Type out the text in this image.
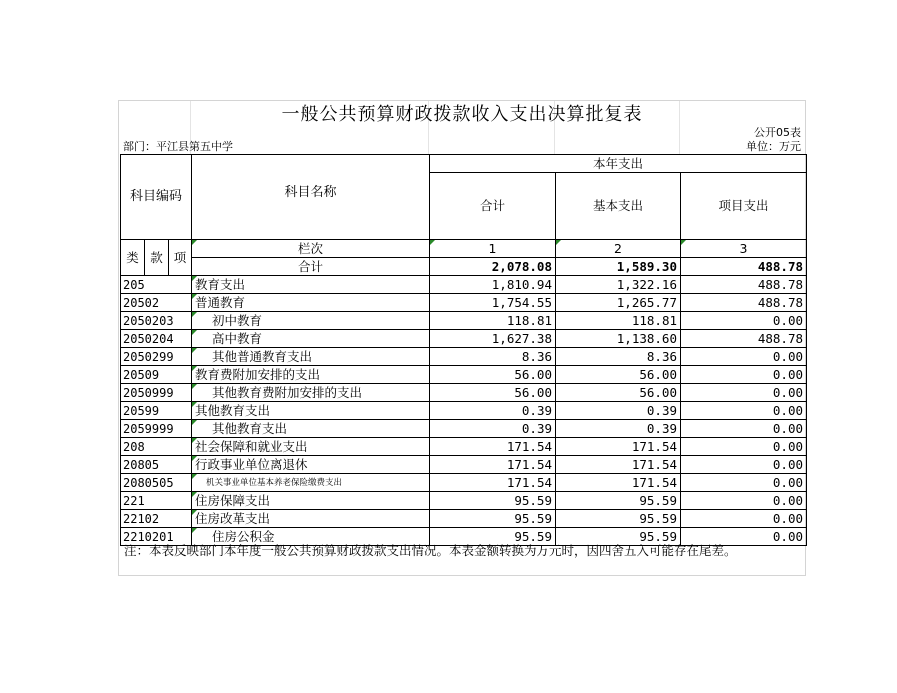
一般公共预算财政拨款收入支出决算批复表
公开05表
部门：平江县第五中学	单位：万元
科目编码			科目名称	本年支出		
				合计	基本支出	项目支出
类	款	项	栏次	1	2	3
			合计	2,078.08	1,589.30	488.78
205			教育支出	1,810.94	1,322.16	488.78
20502			普通教育	1,754.55	1,265.77	488.78
2050203			初中教育	118.81	118.81	0.00
2050204			高中教育	1,627.38	1,138.60	488.78
2050299			其他普通教育支出	8.36	8.36	0.00
20509			教育费附加安排的支出	56.00	56.00	0.00
2050999			其他教育费附加安排的支出	56.00	56.00	0.00
20599			其他教育支出	0.39	0.39	0.00
2059999			其他教育支出	0.39	0.39	0.00
208			社会保障和就业支出	171.54	171.54	0.00
20805			行政事业单位离退休	171.54	171.54	0.00
2080505			机关事业单位基本养老保险缴费支出	171.54	171.54	0.00
221			住房保障支出	95.59	95.59	0.00
22102			住房改革支出	95.59	95.59	0.00
2210201			住房公积金	95.59	95.59	0.00
注：本表反映部门本年度一般公共预算财政拨款支出情况。本表金额转换为万元时，因四舍五入可能存在尾差。
